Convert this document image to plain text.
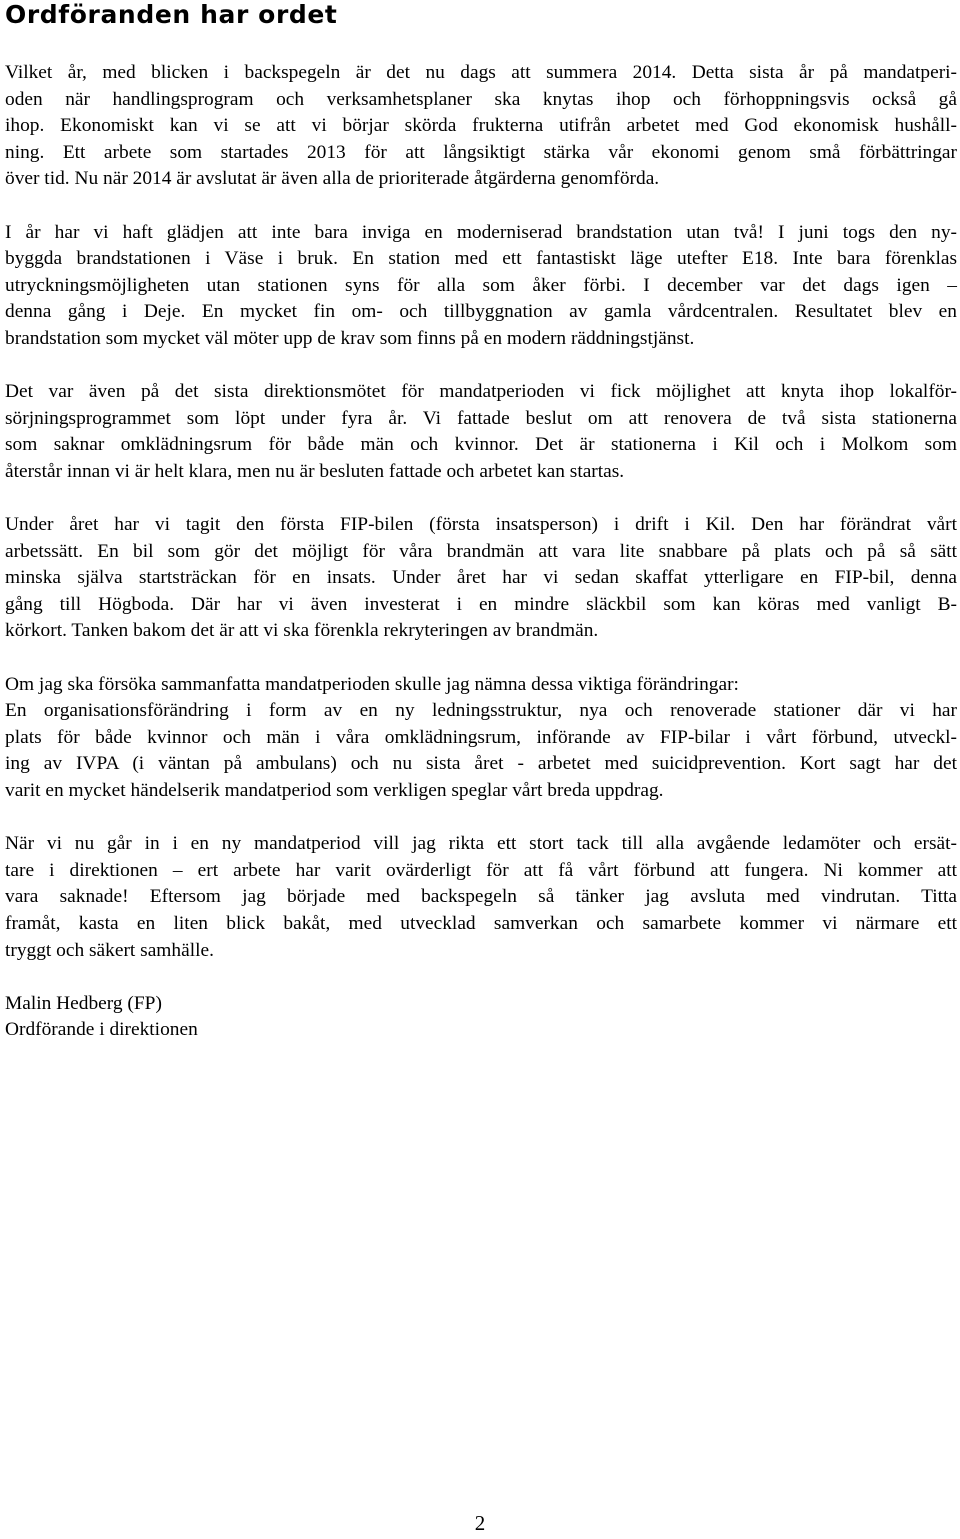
Ordföranden har ordet
Vilket år, med blicken i backspegeln är det nu dags att summera 2014. Detta sista år på mandatperi-
oden när handlingsprogram och verksamhetsplaner ska knytas ihop och förhoppningsvis också gå
ihop. Ekonomiskt kan vi se att vi börjar skörda frukterna utifrån arbetet med God ekonomisk hushåll-
ning. Ett arbete som startades 2013 för att långsiktigt stärka vår ekonomi genom små förbättringar
över tid. Nu när 2014 är avslutat är även alla de prioriterade åtgärderna genomförda.
I år har vi haft glädjen att inte bara inviga en moderniserad brandstation utan två! I juni togs den ny-
byggda brandstationen i Väse i bruk. En station med ett fantastiskt läge utefter E18. Inte bara förenklas
utryckningsmöjligheten utan stationen syns för alla som åker förbi. I december var det dags igen –
denna gång i Deje. En mycket fin om- och tillbyggnation av gamla vårdcentralen. Resultatet blev en
brandstation som mycket väl möter upp de krav som finns på en modern räddningstjänst.
Det var även på det sista direktionsmötet för mandatperioden vi fick möjlighet att knyta ihop lokalför-
sörjningsprogrammet som löpt under fyra år. Vi fattade beslut om att renovera de två sista stationerna
som saknar omklädningsrum för både män och kvinnor. Det är stationerna i Kil och i Molkom som
återstår innan vi är helt klara, men nu är besluten fattade och arbetet kan startas.
Under året har vi tagit den första FIP-bilen (första insatsperson) i drift i Kil. Den har förändrat vårt
arbetssätt. En bil som gör det möjligt för våra brandmän att vara lite snabbare på plats och på så sätt
minska själva startsträckan för en insats. Under året har vi sedan skaffat ytterligare en FIP-bil, denna
gång till Högboda. Där har vi även investerat i en mindre släckbil som kan köras med vanligt B-
körkort. Tanken bakom det är att vi ska förenkla rekryteringen av brandmän.
Om jag ska försöka sammanfatta mandatperioden skulle jag nämna dessa viktiga förändringar:
En organisationsförändring i form av en ny ledningsstruktur, nya och renoverade stationer där vi har
plats för både kvinnor och män i våra omklädningsrum, införande av FIP-bilar i vårt förbund, utveckl-
ing av IVPA (i väntan på ambulans) och nu sista året - arbetet med suicidprevention. Kort sagt har det
varit en mycket händelserik mandatperiod som verkligen speglar vårt breda uppdrag.
När vi nu går in i en ny mandatperiod vill jag rikta ett stort tack till alla avgående ledamöter och ersät-
tare i direktionen – ert arbete har varit ovärderligt för att få vårt förbund att fungera. Ni kommer att
vara saknade! Eftersom jag började med backspegeln så tänker jag avsluta med vindrutan. Titta
framåt, kasta en liten blick bakåt, med utvecklad samverkan och samarbete kommer vi närmare ett
tryggt och säkert samhälle.
Malin Hedberg (FP)
Ordförande i direktionen
2
